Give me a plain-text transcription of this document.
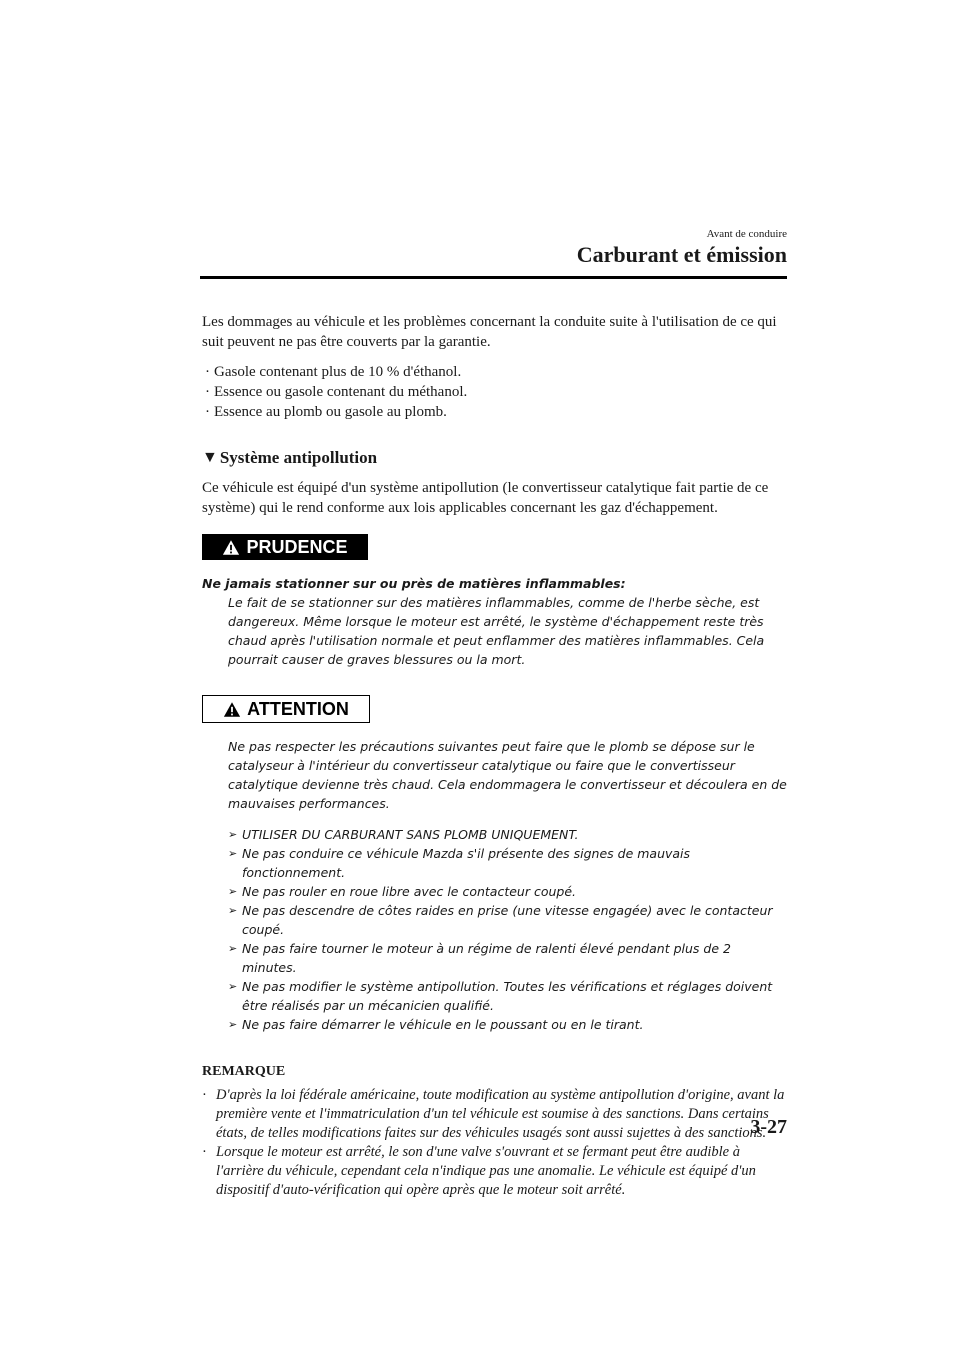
Avant de conduire
Carburant et émission

Les dommages au véhicule et les problèmes concernant la conduite suite à l'utilisation de ce qui suit peuvent ne pas être couverts par la garantie.

· Gasole contenant plus de 10 % d'éthanol.
· Essence ou gasole contenant du méthanol.
· Essence au plomb ou gasole au plomb.
▼ Système antipollution

Ce véhicule est équipé d'un système antipollution (le convertisseur catalytique fait partie de ce système) qui le rend conforme aux lois applicables concernant les gaz d'échappement.

PRUDENCE
Ne jamais stationner sur ou près de matières inflammables:
Le fait de se stationner sur des matières inflammables, comme de l'herbe sèche, est dangereux. Même lorsque le moteur est arrêté, le système d'échappement reste très chaud après l'utilisation normale et peut enflammer des matières inflammables. Cela pourrait causer de graves blessures ou la mort.
ATTENTION
Ne pas respecter les précautions suivantes peut faire que le plomb se dépose sur le catalyseur à l'intérieur du convertisseur catalytique ou faire que le convertisseur catalytique devienne très chaud. Cela endommagera le convertisseur et découlera en de mauvaises performances.
➢ UTILISER DU CARBURANT SANS PLOMB UNIQUEMENT.
➢ Ne pas conduire ce véhicule Mazda s'il présente des signes de mauvais fonctionnement.
➢ Ne pas rouler en roue libre avec le contacteur coupé.
➢ Ne pas descendre de côtes raides en prise (une vitesse engagée) avec le contacteur coupé.
➢ Ne pas faire tourner le moteur à un régime de ralenti élevé pendant plus de 2 minutes.
➢ Ne pas modifier le système antipollution. Toutes les vérifications et réglages doivent être réalisés par un mécanicien qualifié.
➢ Ne pas faire démarrer le véhicule en le poussant ou en le tirant.
REMARQUE
· D'après la loi fédérale américaine, toute modification au système antipollution d'origine, avant la première vente et l'immatriculation d'un tel véhicule est soumise à des sanctions. Dans certains états, de telles modifications faites sur des véhicules usagés sont aussi sujettes à des sanctions.
· Lorsque le moteur est arrêté, le son d'une valve s'ouvrant et se fermant peut être audible à l'arrière du véhicule, cependant cela n'indique pas une anomalie. Le véhicule est équipé d'un dispositif d'auto-vérification qui opère après que le moteur soit arrêté.
3-27
